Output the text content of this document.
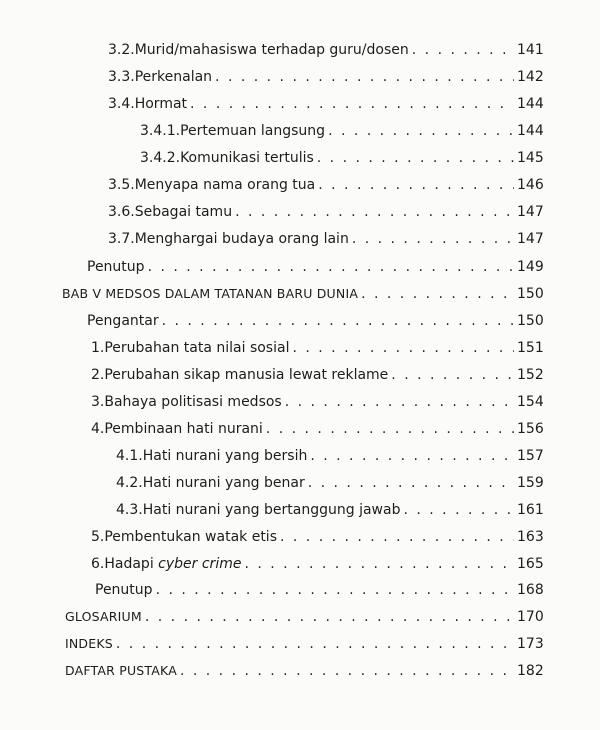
3.2. Murid/mahasiswa terhadap guru/dosen . . .	141
3.3. Perkenalan . . .	142
3.4. Hormat . . .	144
3.4.1. Pertemuan langsung . . .	144
3.4.2. Komunikasi tertulis . . .	145
3.5. Menyapa nama orang tua . . .	146
3.6. Sebagai tamu . . .	147
3.7. Menghargai budaya orang lain . . .	147
Penutup . . .	149
BAB V MEDSOS DALAM TATANAN BARU DUNIA . . .	150
Pengantar . . .	150
1. Perubahan tata nilai sosial . . .	151
2. Perubahan sikap manusia lewat reklame . . .	152
3. Bahaya politisasi medsos . . .	154
4. Pembinaan hati nurani . . .	156
4.1. Hati nurani yang bersih . . .	157
4.2. Hati nurani yang benar . . .	159
4.3. Hati nurani yang bertanggung jawab . . .	161
5. Pembentukan watak etis . . .	163
6. Hadapi cyber crime . . .	165
Penutup . . .	168
GLOSARIUM . . .	170
INDEKS . . .	173
DAFTAR PUSTAKA . . .	182
